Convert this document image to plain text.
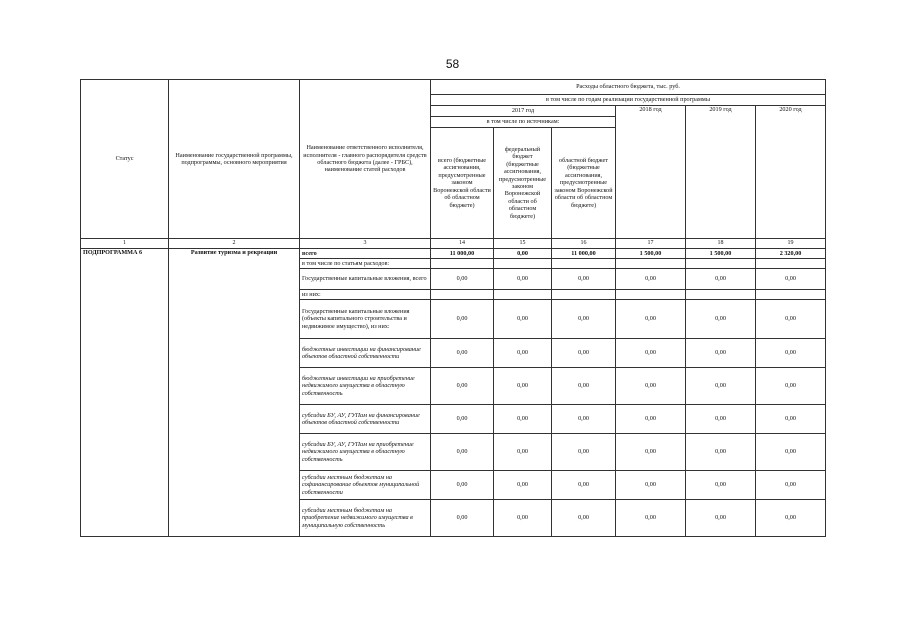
58
Статус	Наименование государственной программы, подпрограммы, основного мероприятия	Наименование ответственного исполнителя, исполнителя - главного распорядителя средств областного бюджета (далее - ГРБС), наименование статей расходов	Расходы областного бюджета, тыс. руб.					
			в том числе по годам реализации государственной программы					
			2017 год			2018 год	2019 год	2020 год
			в том числе по источникам:					
			всего (бюджетные ассигнования, предусмотренные законом Воронежской области об областном бюджете)	федеральный бюджет (бюджетные ассигнования, предусмотренные законом Воронежской области об областном бюджете)	областной бюджет (бюджетные ассигнования, предусмотренные законом Воронежской области об областном бюджете)			
1	2	3	14	15	16	17	18	19
ПОДПРОГРАММА 6	Развитие туризма и рекреации	всего	11 000,00	0,00	11 000,00	1 500,00	1 500,00	2 320,00
		в том числе по статьям расходов:						
		Государственные капитальные вложения, всего	0,00	0,00	0,00	0,00	0,00	0,00
		из них:						
		Государственные капитальные вложения (объекты капитального строительства и недвижимое имущество), из них:	0,00	0,00	0,00	0,00	0,00	0,00
		бюджетные инвестиции на финансирование объектов областной собственности	0,00	0,00	0,00	0,00	0,00	0,00
		бюджетные инвестиции на приобретение недвижимого имущества в областную собственность	0,00	0,00	0,00	0,00	0,00	0,00
		субсидии БУ, АУ, ГУПам на финансирование объектов областной собственности	0,00	0,00	0,00	0,00	0,00	0,00
		субсидии БУ, АУ, ГУПам на приобретение недвижимого имущества в областную собственность	0,00	0,00	0,00	0,00	0,00	0,00
		субсидии местным бюджетам на софинансирование объектов муниципальной собственности	0,00	0,00	0,00	0,00	0,00	0,00
		субсидии местным бюджетам на приобретение недвижимого имущества в муниципальную собственность	0,00	0,00	0,00	0,00	0,00	0,00
